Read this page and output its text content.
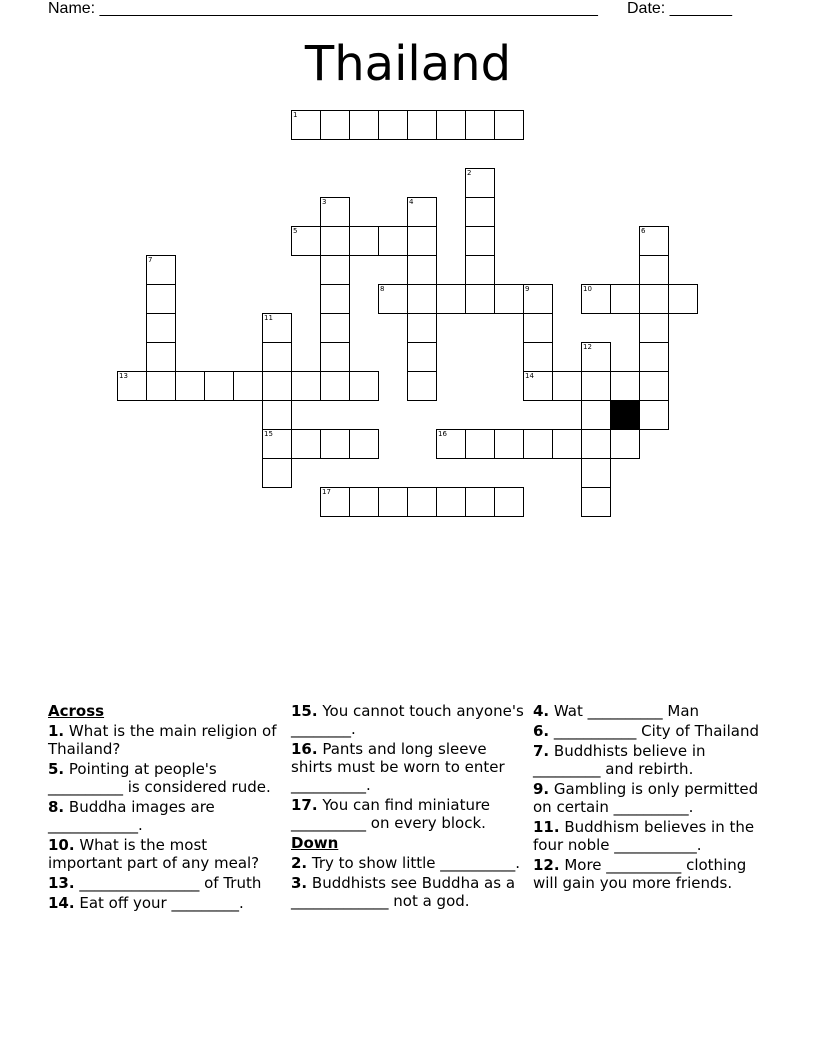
Name: ________________________________________________________ Date: _______
Thailand
1
2
3	4
5	6
7
8	9
14
10
11
15
12
13
16
17
Across
1. What is the main religion of Thailand?
5. Pointing at people's __________ is considered rude.
8. Buddha images are ____________.
10. What is the most important part of any meal?
13. ________________ of Truth
14. Eat off your _________.
15. You cannot touch anyone's ________.
16. Pants and long sleeve shirts must be worn to enter __________.
17. You can find miniature __________ on every block.
Down
2. Try to show little __________.
3. Buddhists see Buddha as a _____________ not a god.
4. Wat __________ Man
6. ___________ City of Thailand
7. Buddhists believe in _________ and rebirth.
9. Gambling is only permitted on certain __________.
11. Buddhism believes in the four noble ___________.
12. More __________ clothing will gain you more friends.
